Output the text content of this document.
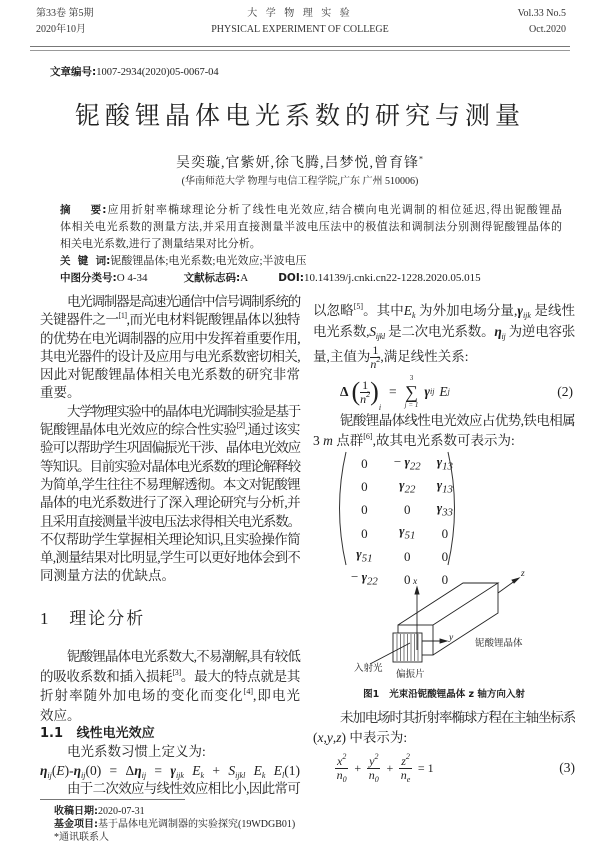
第33卷 第5期
2020年10月
大 学 物 理 实 验
PHYSICAL EXPERIMENT OF COLLEGE
Vol.33 No.5
Oct.2020
文章编号:1007-2934(2020)05-0067-04
铌酸锂晶体电光系数的研究与测量
吴奕璇,官紫妍,徐飞腾,吕梦悦,曾育锋*
(华南师范大学 物理与电信工程学院,广东 广州 510006)
摘    要:应用折射率椭球理论分析了线性电光效应,结合横向电光调制的相位延迟,得出铌酸锂晶
体相关电光系数的测量方法,并采用直接测量半波电压法中的极值法和调制法分别测得铌酸锂晶体的
相关电光系数,进行了测量结果对比分析。
关  键  词:铌酸锂晶体;电光系数;电光效应;半波电压
中图分类号:O 4-34	文献标志码:A	DOI:10.14139/j.cnki.cn22-1228.2020.05.015
电光调制器是高速光通信中信号调制系统的
关键器件之一[1],而光电材料铌酸锂晶体以独特
的优势在电光调制器的应用中发挥着重要作用,
其电光器件的设计及应用与电光系数密切相关,
因此对铌酸锂晶体相关电光系数的研究非常
重要。
大学物理实验中的晶体电光调制实验是基于
铌酸锂晶体电光效应的综合性实验[2],通过该实
验可以帮助学生巩固偏振光干涉、晶体电光效应
等知识。目前实验对晶体电光系数的理论解释较
为简单,学生往往不易理解透彻。本文对铌酸锂
晶体的电光系数进行了深入理论研究与分析,并
且采用直接测量半波电压法求得相关电光系数。
不仅帮助学生掌握相关理论知识,且实验操作简
单,测量结果对比明显,学生可以更好地体会到不
同测量方法的优缺点。
1   理论分析
铌酸锂晶体电光系数大,不易潮解,具有较低
的吸收系数和插入损耗[3]。最大的特点就是其
折射率随外加电场的变化而变化[4],即电光
效应。
1.1   线性电光效应
电光系数习惯上定义为:
$\eta_{ij}(E)-\eta_{ij}(0) = \Delta\eta_{ij} = \gamma_{ijk}$ $E_k + S_{ijkl}$ $E_k$ $E_l(1)$
由于二次效应与线性效应相比小,因此常可
收稿日期:2020-07-31
基金项目:基于晶体电光调制器的实验探究(19WDGB01)
*通讯联系人
以忽略[5]。其中$E_k$ 为外加电场分量$,\gamma_{ijk}$ 是线性
电光系数$,S_{ijkl}$ 是二次电光系数。$\eta_{ij}$ 为逆电容张
量,主值为 $\frac{1}{n^2}$ ,满足线性关系:
Δ ( $\frac{1}{n^2}$ )
i
=
3
∑
j = 1
γ ij E j	(2)
铌酸锂晶体线性电光效应占优势,铁电相属
3 m 点群[6],故其电光系数可表示为:
0	− $\gamma_{22}$	$\gamma_{13}$
0	$\gamma_{22}$	$\gamma_{13}$
0	0	$\gamma_{33}$
0	$\gamma_{51}$	0
$\gamma_{51}$	0	0
− $\gamma_{22}$	0	0
x
y
z
入射光
偏振片
铌酸锂晶体
图1   光束沿铌酸锂晶体 z 轴方向入射
未加电场时其折射率椭球方程在主轴坐标系
(x,y,z) 中表示为:
$\frac{x^2}{n_0} + \frac{y^2}{n_0} + \frac{z^2}{n_e} = 1$	(3)
